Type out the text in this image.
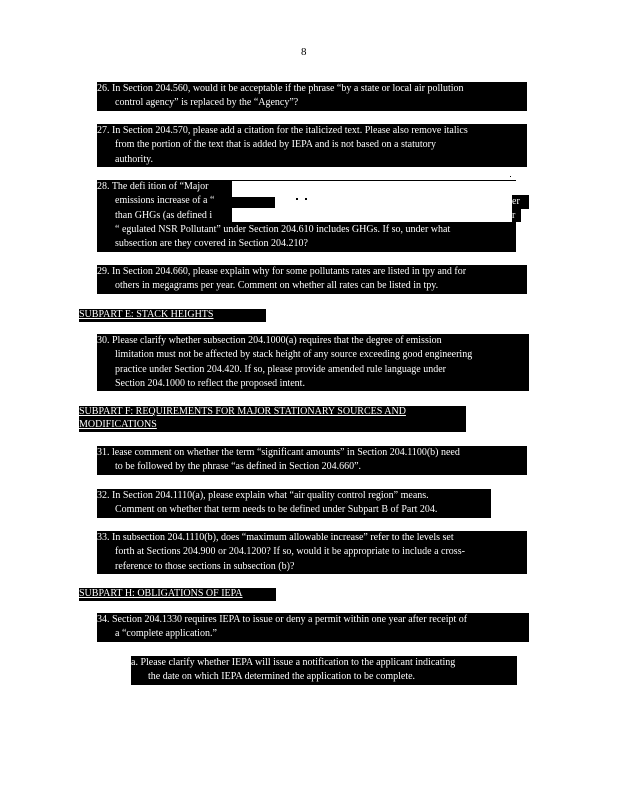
8
26. In Section 204.560, would it be acceptable if the phrase “by a state or local air pollution
control agency” is replaced by the “Agency”?
27. In Section 204.570, please add a citation for the italicized text. Please also remove italics
from the portion of the text that is added by IEPA and is not based on a statutory
authority.
28. The defi ition of “Major
emissions increase of a “
than GHGs (as defined i
“ egulated NSR Pollutant” under Section 204.610 includes GHGs. If so, under what
subsection are they covered in Section 204.210?
er
r
29. In Section 204.660, please explain why for some pollutants rates are listed in tpy and for
others in megagrams per year. Comment on whether all rates can be listed in tpy.
SUBPART E: STACK HEIGHTS
30. Please clarify whether subsection 204.1000(a) requires that the degree of emission
limitation must not be affected by stack height of any source exceeding good engineering
practice under Section 204.420. If so, please provide amended rule language under
Section 204.1000 to reflect the proposed intent.
SUBPART F: REQUIREMENTS FOR MAJOR STATIONARY SOURCES AND
MODIFICATIONS
31. lease comment on whether the term “significant amounts” in Section 204.1100(b) need
to be followed by the phrase “as defined in Section 204.660”.
32. In Section 204.1110(a), please explain what “air quality control region” means.
Comment on whether that term needs to be defined under Subpart B of Part 204.
33. In subsection 204.1110(b), does “maximum allowable increase” refer to the levels set
forth at Sections 204.900 or 204.1200? If so, would it be appropriate to include a cross-
reference to those sections in subsection (b)?
SUBPART H: OBLIGATIONS OF IEPA
34. Section 204.1330 requires IEPA to issue or deny a permit within one year after receipt of
a “complete application.”
a. Please clarify whether IEPA will issue a notification to the applicant indicating
the date on which IEPA determined the application to be complete.
